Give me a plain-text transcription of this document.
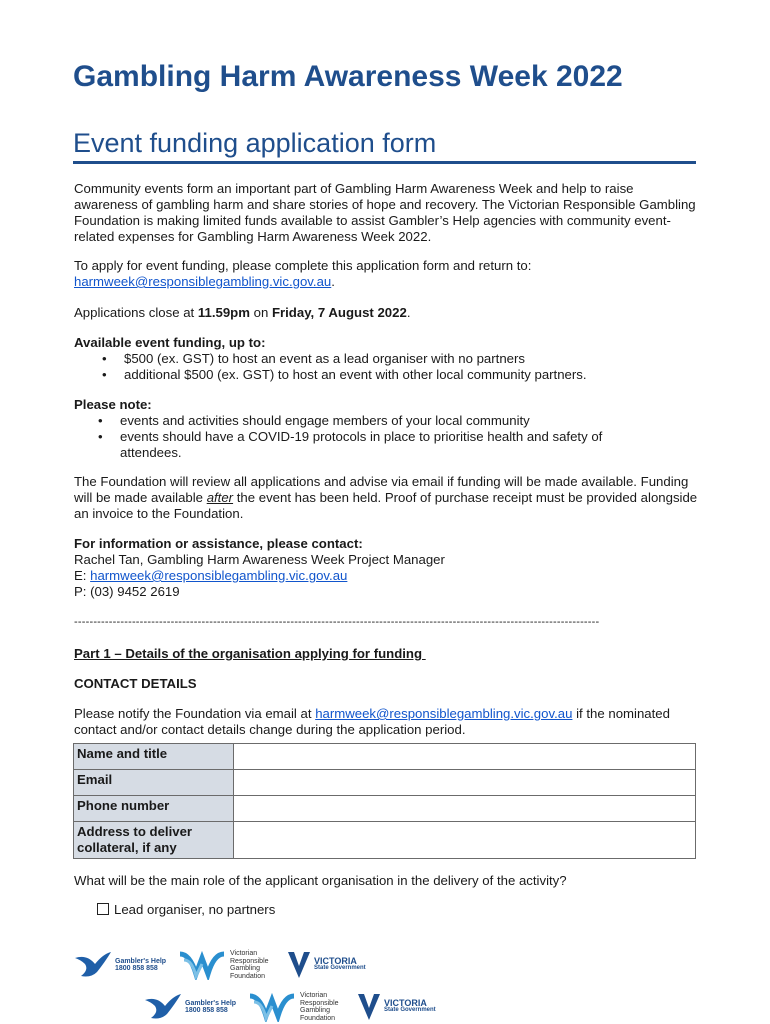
Gambling Harm Awareness Week 2022
Event funding application form
Community events form an important part of Gambling Harm Awareness Week and help to raise awareness of gambling harm and share stories of hope and recovery. The Victorian Responsible Gambling Foundation is making limited funds available to assist Gambler’s Help agencies with community event-related expenses for Gambling Harm Awareness Week 2022.
To apply for event funding, please complete this application form and return to:
harmweek@responsiblegambling.vic.gov.au.
Applications close at 11.59pm on Friday, 7 August 2022.
Available event funding, up to:
• $500 (ex. GST) to host an event as a lead organiser with no partners
• additional $500 (ex. GST) to host an event with other local community partners.
Please note:
• events and activities should engage members of your local community
• events should have a COVID-19 protocols in place to prioritise health and safety of attendees.
The Foundation will review all applications and advise via email if funding will be made available. Funding will be made available after the event has been held. Proof of purchase receipt must be provided alongside an invoice to the Foundation.
For information or assistance, please contact:
Rachel Tan, Gambling Harm Awareness Week Project Manager
E: harmweek@responsiblegambling.vic.gov.au
P: (03) 9452 2619
----------------------------------------------------------------------------------------------------------------------------------------
Part 1 – Details of the organisation applying for funding
CONTACT DETAILS
Please notify the Foundation via email at harmweek@responsiblegambling.vic.gov.au if the nominated contact and/or contact details change during the application period.
Name and title	
Email	
Phone number	
Address to deliver collateral, if any	
What will be the main role of the applicant organisation in the delivery of the activity?
Lead organiser, no partners
Gambler's Help
1800 858 858
Victorian Responsible Gambling Foundation
VICTORIA
State Government
Gambler's Help
1800 858 858
Victorian Responsible Gambling Foundation
VICTORIA
State Government
